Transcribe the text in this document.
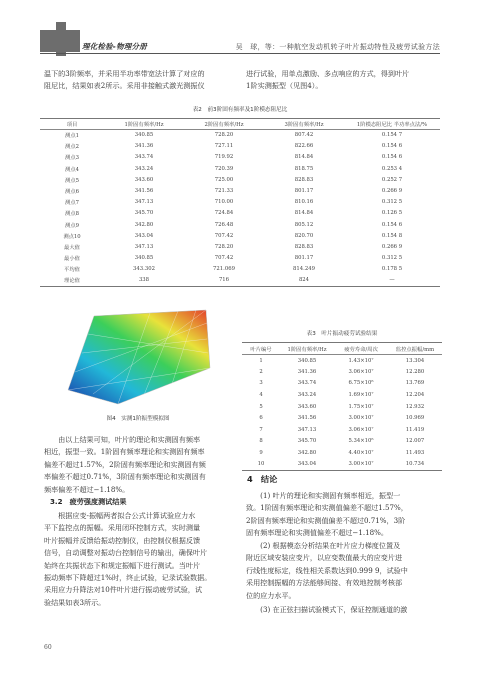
理化检验-物理分册	吴　球，等：一种航空发动机转子叶片振动特性及疲劳试验方法

温下的3阶频率，并采用半功率带宽法计算了对应的

阻尼比，结果如表2所示。采用非接触式激光测振仪

进行试验，用单点激励、多点响应的方式，得到叶片

1阶实测振型（见图4）。

表2　前3阶固有频率及1阶模态阻尼比
项目	1阶固有频率/Hz	2阶固有频率/Hz	3阶固有频率/Hz	1阶模态阻尼比 半功率点法/%
测点1	340.85	728.20	807.42	0.154 7
测点2	341.36	727.11	822.66	0.154 6
测点3	343.74	719.92	814.84	0.154 6
测点4	343.24	720.39	818.75	0.253 4
测点5	343.60	725.00	828.83	0.252 7
测点6	341.56	721.33	801.17	0.266 9
测点7	347.13	710.00	810.16	0.312 5
测点8	345.70	724.84	814.84	0.126 5
测点9	342.80	726.48	805.12	0.154 6
测点10	343.04	707.42	820.70	0.154 8
最大值	347.13	728.20	828.83	0.266 9
最小值	340.85	707.42	801.17	0.312 5
平均值	343.302	721.069	814.249	0.178 5
理论值	338	716	824	—
图4　实测1阶振型模拟图
表3　叶片振动疲劳试验结果
叶片编号	1阶固有频率/Hz	疲劳寿命/周次	监控点振幅/mm
1	340.85	1.43×10⁷	13.304
2	341.36	3.06×10⁷	12.280
3	343.74	6.75×10⁶	13.769
4	343.24	1.69×10⁷	12.204
5	343.60	1.75×10⁷	12.932
6	341.56	3.00×10⁷	10.969
7	347.13	3.06×10⁷	11.419
8	345.70	5.34×10⁶	12.007
9	342.80	4.40×10⁷	11.493
10	343.04	3.00×10⁷	10.734

　　由以上结果可知，叶片的理论和实测固有频率

相近，振型一致。1阶固有频率理论和实测固有频率

偏差不超过1.57%，2阶固有频率理论和实测固有频

率偏差不超过0.71%，3阶固有频率理论和实测固有

频率偏差不超过−1.18%。

3.2　疲劳强度测试结果

　　根据应变-振幅两者拟合公式计算试验应力水

平下监控点的振幅。采用闭环控制方式，实时测量

叶片振幅并反馈给振动控制仪，由控制仪根据反馈

信号，自动调整对振动台控制信号的输出，确保叶片

始终在共振状态下和规定振幅下进行测试。当叶片

振动频率下降超过1%时，终止试验，记录试验数据。

采用应力升降法对10件叶片进行振动疲劳试验，试

验结果如表3所示。

4　结论

　　(1) 叶片的理论和实测固有频率相近，振型一

致。1阶固有频率理论和实测值偏差不超过1.57%，

2阶固有频率理论和实测值偏差不超过0.71%，3阶

固有频率理论和实测值偏差不超过−1.18%。

　　(2) 根据模态分析结果在叶片应力梯度位置及

附近区域安装应变片，以应变数值最大的应变片进

行线性度标定，线性相关系数达到0.999 9，试验中

采用控制振幅的方法能够间接、有效地控制考核部

位的应力水平。

　　(3) 在正弦扫描试验模式下，保证控制通道的激

60
